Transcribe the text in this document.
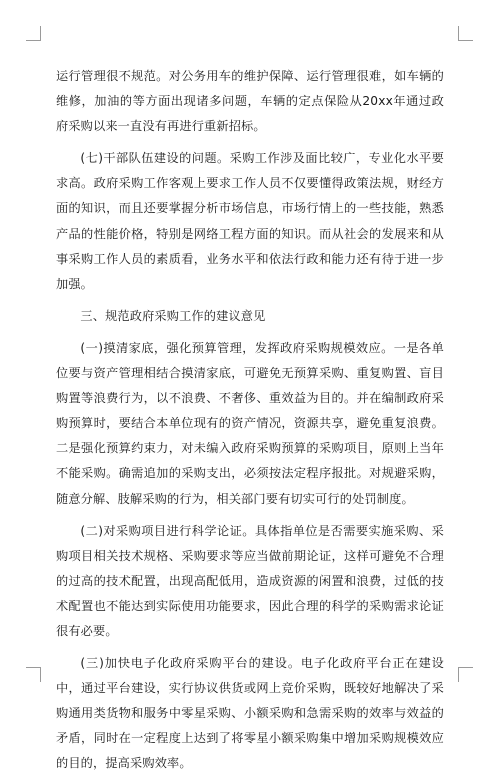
运行管理很不规范。对公务用车的维护保障、运行管理很难，如车辆的维修，加油的等方面出现诸多问题，车辆的定点保险从20xx年通过政府采购以来一直没有再进行重新招标。

(七)干部队伍建设的问题。采购工作涉及面比较广，专业化水平要求高。政府采购工作客观上要求工作人员不仅要懂得政策法规，财经方面的知识，而且还要掌握分析市场信息，市场行情上的一些技能，熟悉产品的性能价格，特别是网络工程方面的知识。而从社会的发展来和从事采购工作人员的素质看，业务水平和依法行政和能力还有待于进一步加强。

三、规范政府采购工作的建议意见

(一)摸清家底，强化预算管理，发挥政府采购规模效应。一是各单位要与资产管理相结合摸清家底，可避免无预算采购、重复购置、盲目购置等浪费行为，以不浪费、不奢侈、重效益为目的。并在编制政府采购预算时，要结合本单位现有的资产情况，资源共享，避免重复浪费。二是强化预算约束力，对未编入政府采购预算的采购项目，原则上当年不能采购。确需追加的采购支出，必须按法定程序报批。对规避采购，随意分解、肢解采购的行为，相关部门要有切实可行的处罚制度。

(二)对采购项目进行科学论证。具体指单位是否需要实施采购、采购项目相关技术规格、采购要求等应当做前期论证，这样可避免不合理的过高的技术配置，出现高配低用，造成资源的闲置和浪费，过低的技术配置也不能达到实际使用功能要求，因此合理的科学的采购需求论证很有必要。

(三)加快电子化政府采购平台的建设。电子化政府平台正在建设中，通过平台建设，实行协议供货或网上竞价采购，既较好地解决了采购通用类货物和服务中零星采购、小额采购和急需采购的效率与效益的矛盾，同时在一定程度上达到了将零星小额采购集中增加采购规模效应的目的，提高采购效率。
